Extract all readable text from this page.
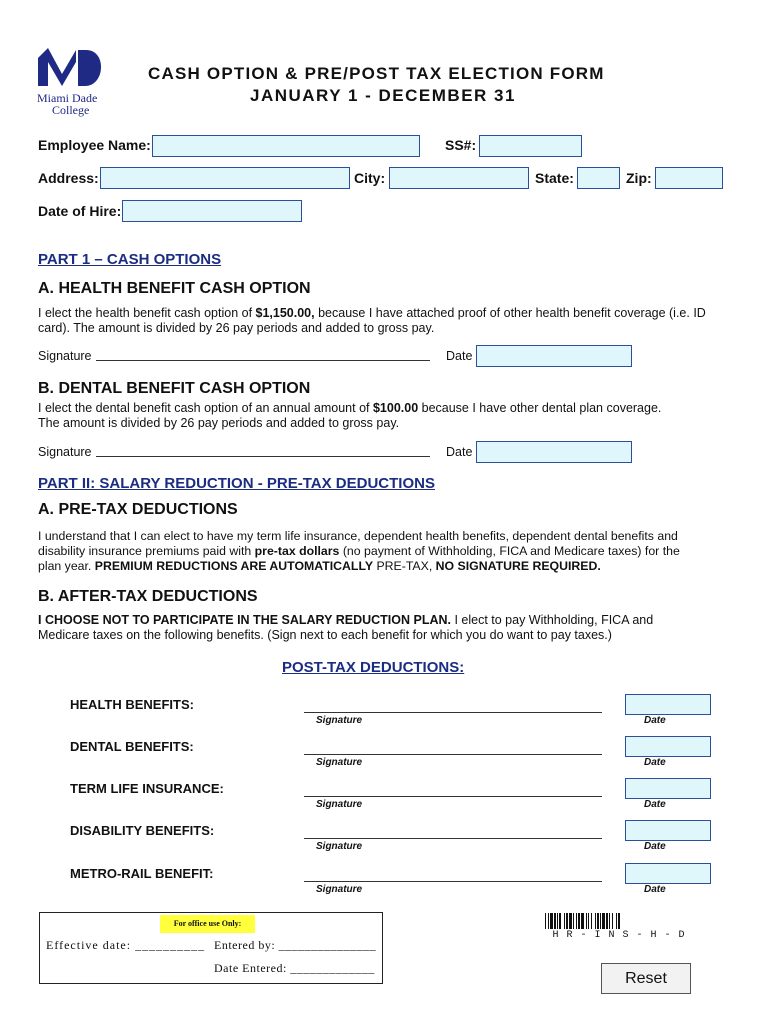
Miami Dade
College
CASH OPTION & PRE/POST TAX ELECTION FORM
JANUARY 1 - DECEMBER 31
Employee Name:	SS#:
Address:	City:	State:	Zip:
Date of Hire:
PART 1 – CASH OPTIONS
A. HEALTH BENEFIT CASH OPTION
I elect the health benefit cash option of $1,150.00, because I have attached proof of other health benefit coverage (i.e. ID
card). The amount is divided by 26 pay periods and added to gross pay.
Signature	Date
B. DENTAL BENEFIT CASH OPTION
I elect the dental benefit cash option of an annual amount of $100.00 because I have other dental plan coverage.
The amount is divided by 26 pay periods and added to gross pay.
Signature	Date
PART II: SALARY REDUCTION - PRE-TAX DEDUCTIONS
A. PRE-TAX DEDUCTIONS
I understand that I can elect to have my term life insurance, dependent health benefits, dependent dental benefits and
disability insurance premiums paid with pre-tax dollars (no payment of Withholding, FICA and Medicare taxes) for the
plan year. PREMIUM REDUCTIONS ARE AUTOMATICALLY PRE-TAX, NO SIGNATURE REQUIRED.
B. AFTER-TAX DEDUCTIONS
I CHOOSE NOT TO PARTICIPATE IN THE SALARY REDUCTION PLAN. I elect to pay Withholding, FICA and
Medicare taxes on the following benefits. (Sign next to each benefit for which you do want to pay taxes.)
POST-TAX DEDUCTIONS:
HEALTH BENEFITS:
Signature	Date
DENTAL BENEFITS:
Signature	Date
TERM LIFE INSURANCE:
Signature	Date
DISABILITY BENEFITS:
Signature	Date
METRO-RAIL BENEFIT:
Signature	Date
For office use Only:
Effective date: __________ Entered by: _______________
Date Entered: _____________
H R - I N S - H - D
Reset
